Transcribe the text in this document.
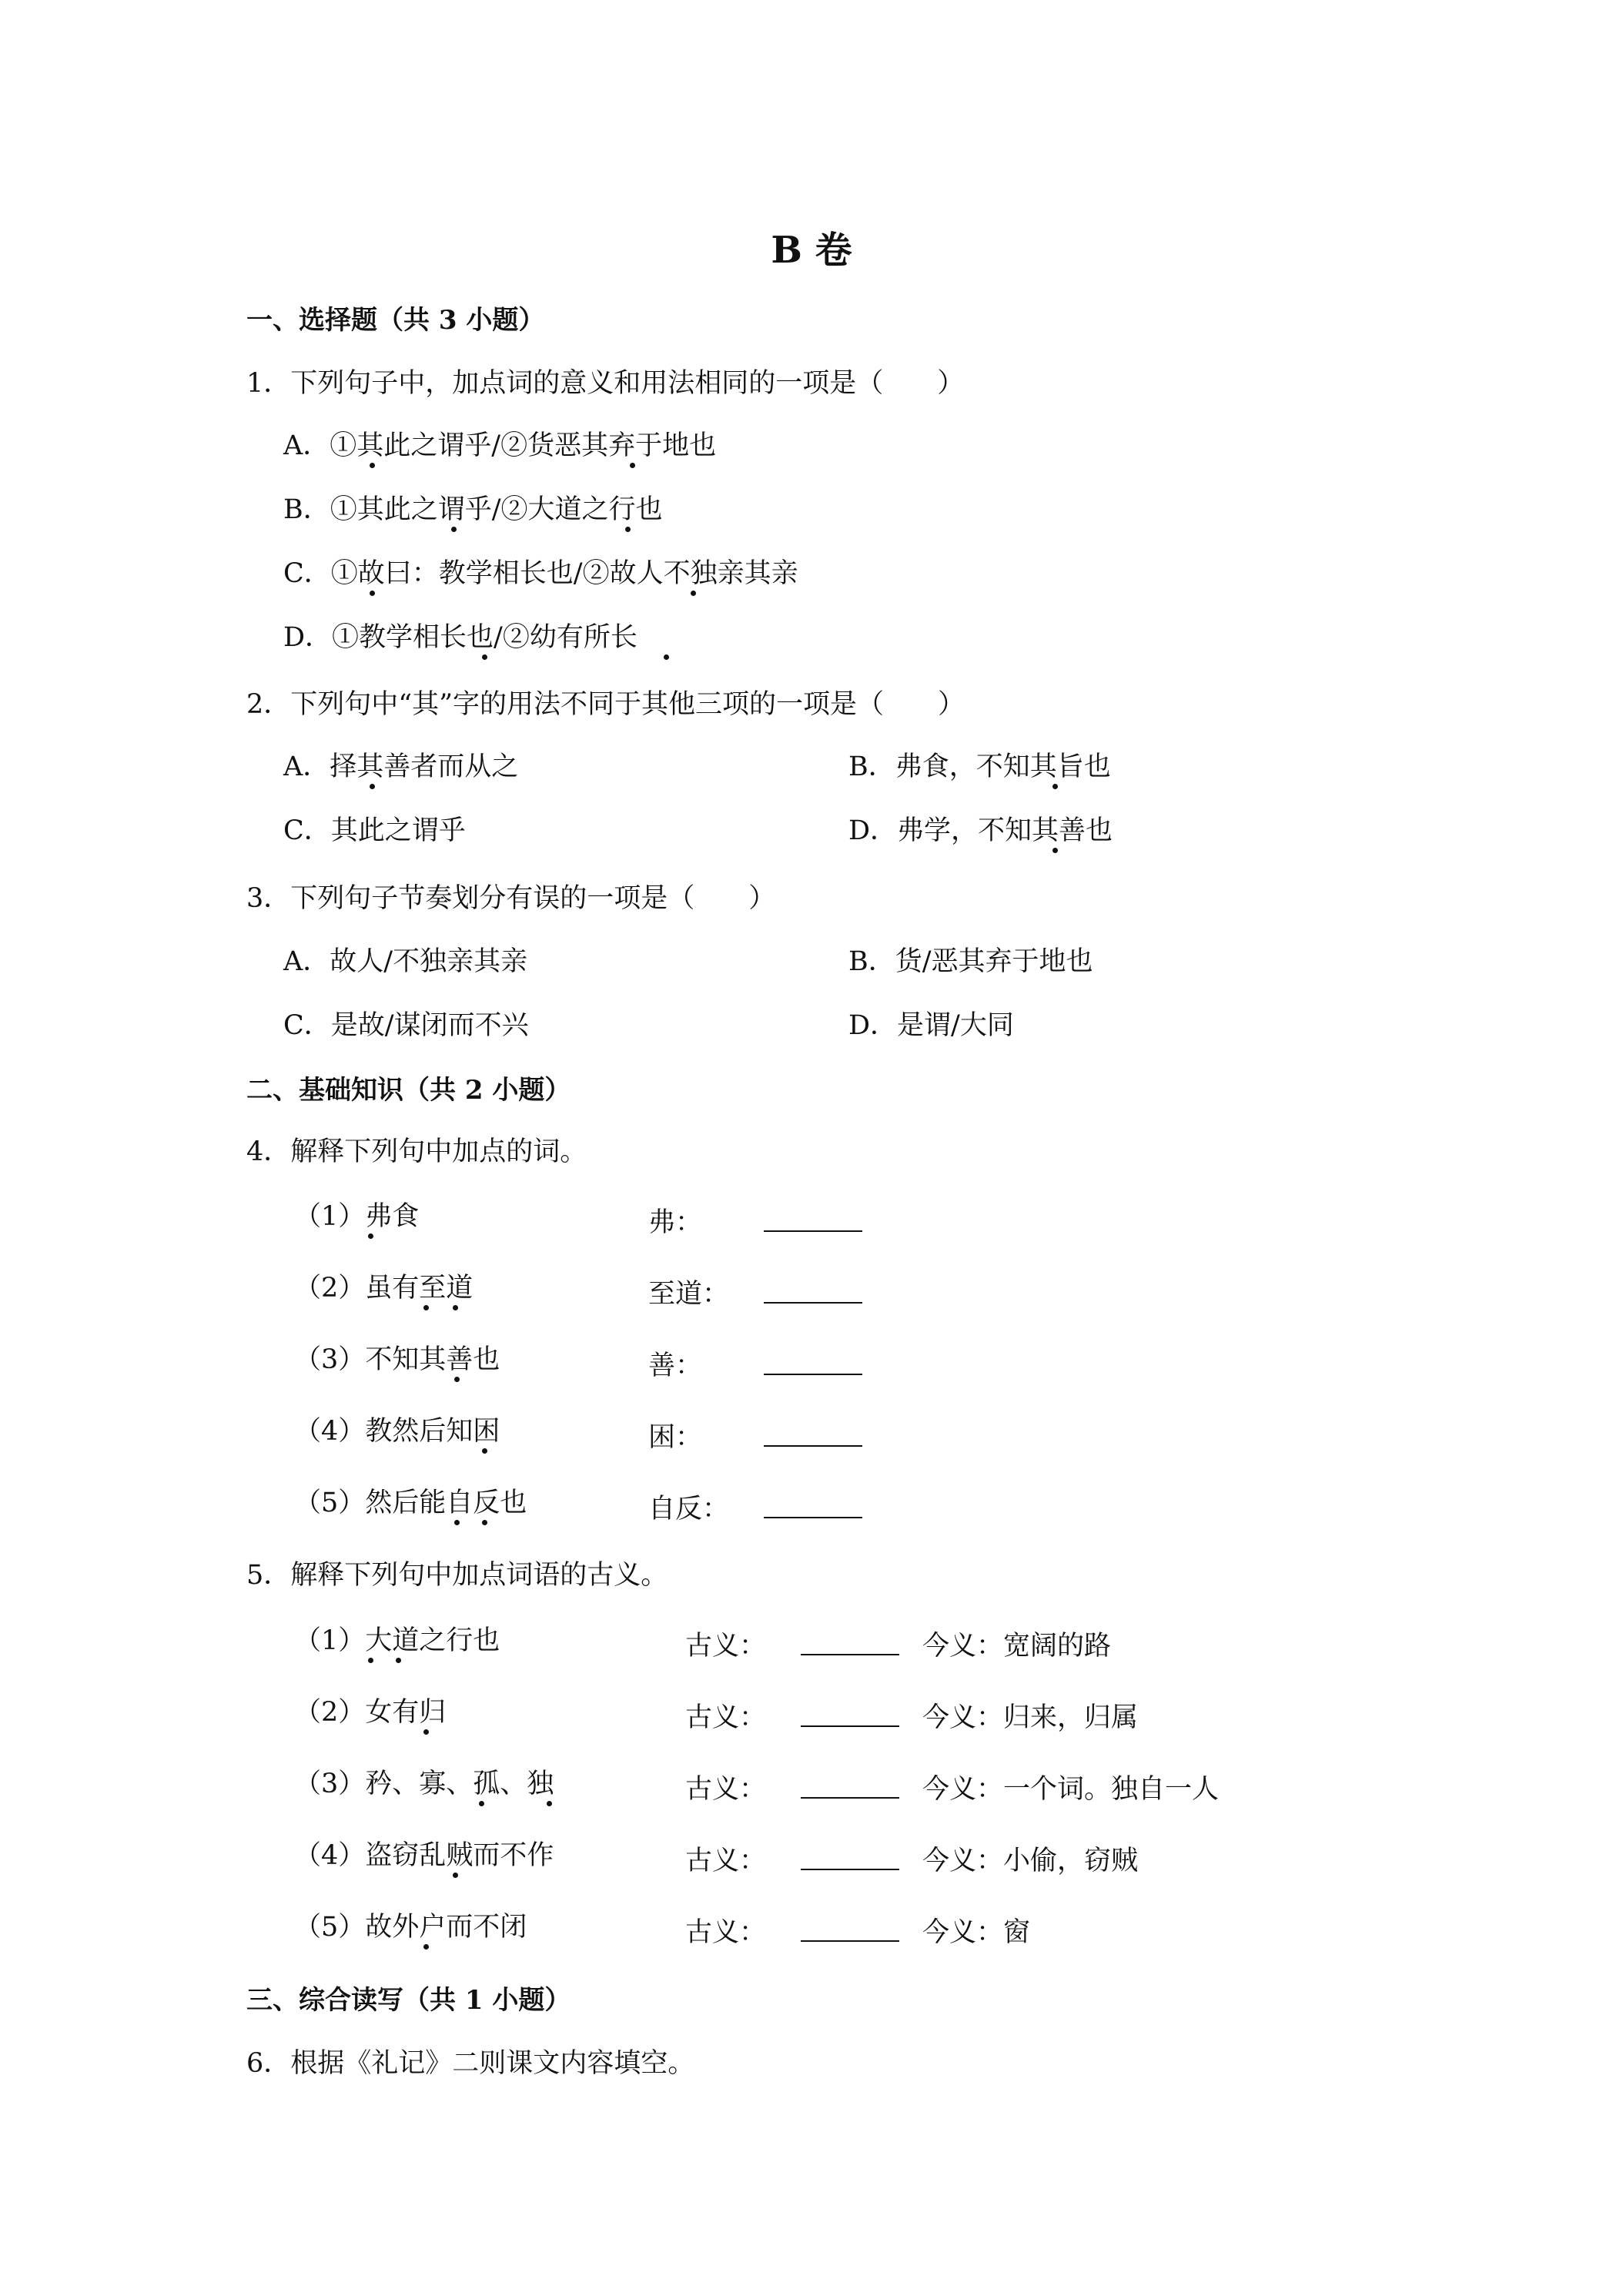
B 卷
一、选择题（共 3 小题）
1．下列句子中，加点词的意义和用法相同的一项是（　　）
A．①其此之谓乎/②货恶其弃于地也
B．①其此之谓乎/②大道之行也
C．①故曰：教学相长也/②故人不独亲其亲
D．①教学相长也/②幼有所长
2．下列句中“其”字的用法不同于其他三项的一项是（　　）
A．择其善者而从之	B．弗食，不知其旨也
C．其此之谓乎	D．弗学，不知其善也
3．下列句子节奏划分有误的一项是（　　）
A．故人/不独亲其亲	B．货/恶其弃于地也
C．是故/谋闭而不兴	D．是谓/大同
二、基础知识（共 2 小题）
4．解释下列句中加点的词。
（1）弗食	弗：
（2）虽有至道	至道：
（3）不知其善也	善：
（4）教然后知困	困：
（5）然后能自反也	自反：
5．解释下列句中加点词语的古义。
（1）大道之行也	古义：	今义：宽阔的路
（2）女有归	古义：	今义：归来，归属
（3）矜、寡、孤、独	古义：	今义：一个词。独自一人
（4）盗窃乱贼而不作	古义：	今义：小偷，窃贼
（5）故外户而不闭	古义：	今义：窗
三、综合读写（共 1 小题）
6．根据《礼记》二则课文内容填空。
